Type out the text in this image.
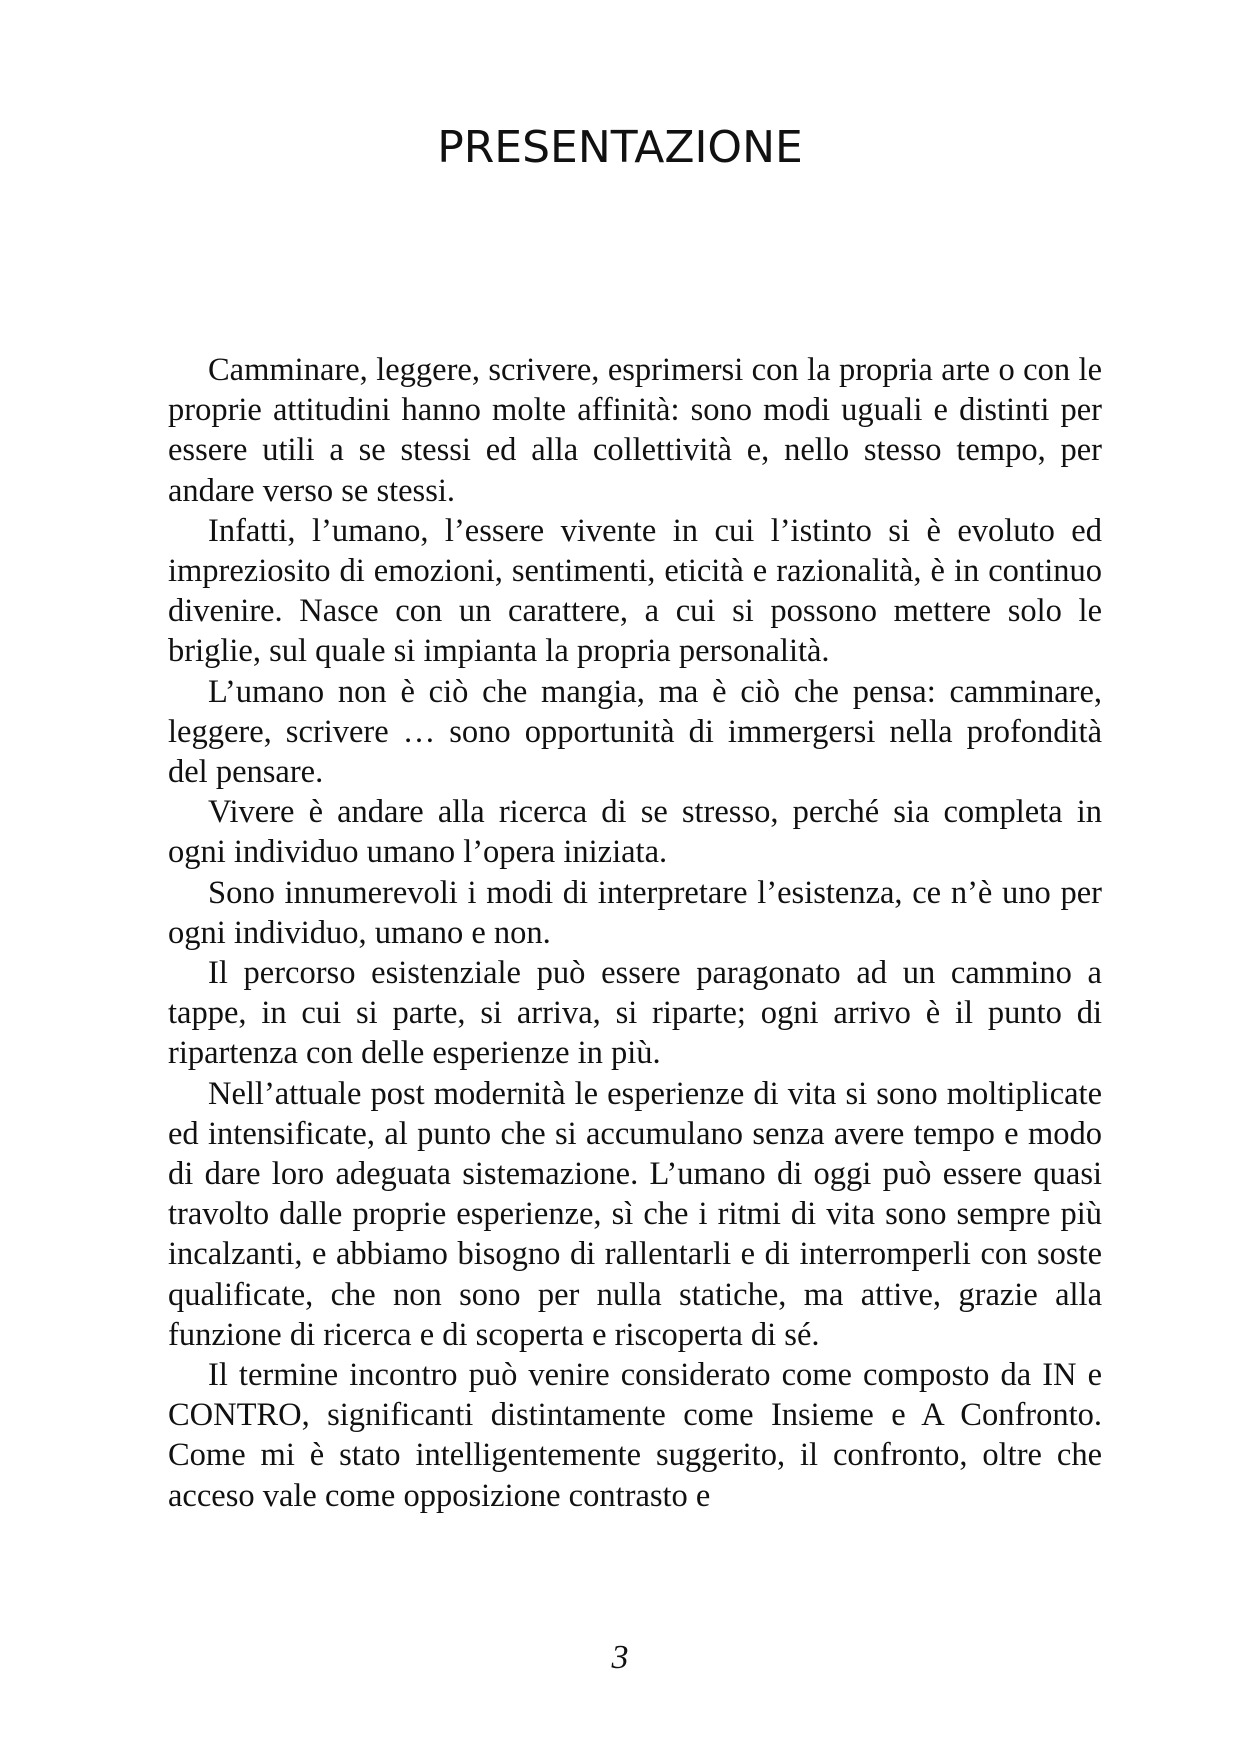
PRESENTAZIONE

Camminare, leggere, scrivere, esprimersi con la propria arte o con le proprie attitudini hanno molte affinità: sono modi uguali e distinti per essere utili a se stessi ed alla collettività e, nello stesso tempo, per andare verso se stessi.

Infatti, l’umano, l’essere vivente in cui l’istinto si è evoluto ed impreziosito di emozioni, sentimenti, eticità e razionalità, è in continuo divenire. Nasce con un carattere, a cui si possono mettere solo le briglie, sul quale si impianta la propria personalità.

L’umano non è ciò che mangia, ma è ciò che pensa: camminare, leggere, scrivere … sono opportunità di immergersi nella profondità del pensare.

Vivere è andare alla ricerca di se stresso, perché sia completa in ogni individuo umano l’opera iniziata.

Sono innumerevoli i modi di interpretare l’esistenza, ce n’è uno per ogni individuo, umano e non.

Il percorso esistenziale può essere paragonato ad un cammino a tappe, in cui si parte, si arriva, si riparte; ogni arrivo è il punto di ripartenza con delle esperienze in più.

Nell’attuale post modernità le esperienze di vita si sono moltiplicate ed intensificate, al punto che si accumulano senza avere tempo e modo di dare loro adeguata sistemazione. L’umano di oggi può essere quasi travolto dalle proprie esperienze, sì che i ritmi di vita sono sempre più incalzanti, e abbiamo bisogno di rallentarli e di interromperli con soste qualificate, che non sono per nulla statiche, ma attive, grazie alla funzione di ricerca e di scoperta e riscoperta di sé.

Il termine incontro può venire considerato come composto da IN e CONTRO, significanti distintamente come Insieme e A Confronto. Come mi è stato intelligentemente suggerito, il confronto, oltre che acceso vale come opposizione contrasto e

3
